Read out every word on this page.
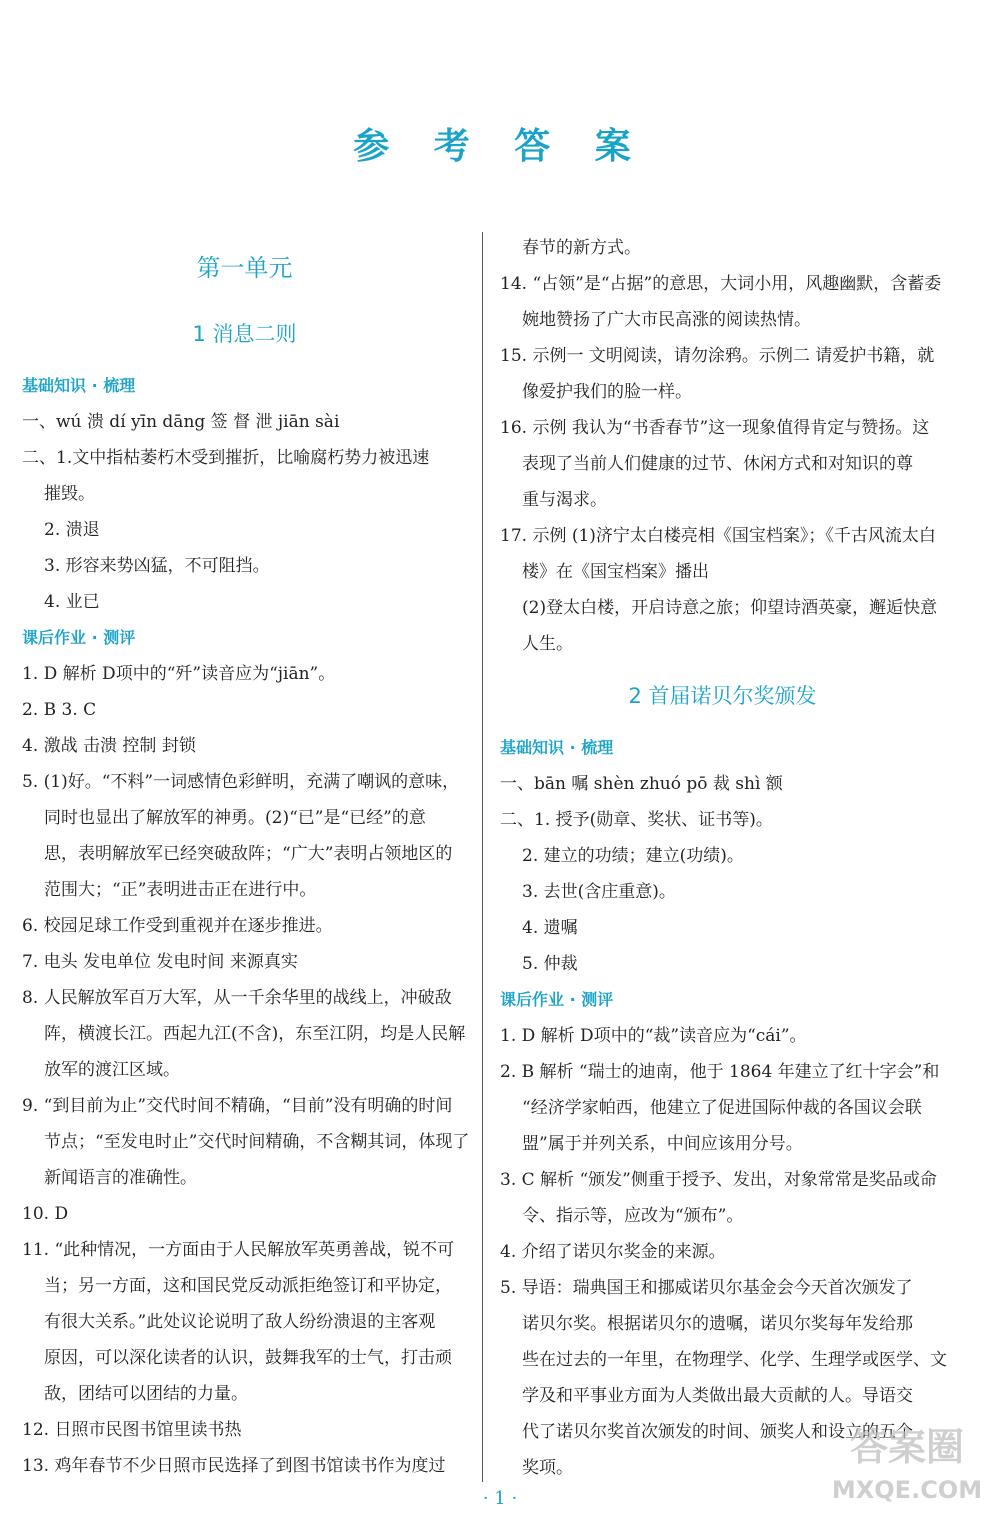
参 考 答 案
第一单元
1 消息二则
基础知识 · 梳理
一、wú 溃 dí yīn dāng 签 督 泄 jiān sài
二、1.文中指枯萎朽木受到摧折，比喻腐朽势力被迅速
摧毁。
2. 溃退
3. 形容来势凶猛，不可阻挡。
4. 业已
课后作业 · 测评
1. D 解析 D项中的“歼”读音应为“jiān”。
2. B 3. C
4. 激战 击溃 控制 封锁
5. (1)好。“不料”一词感情色彩鲜明，充满了嘲讽的意味，
同时也显出了解放军的神勇。(2)“已”是“已经”的意
思，表明解放军已经突破敌阵；“广大”表明占领地区的
范围大；“正”表明进击正在进行中。
6. 校园足球工作受到重视并在逐步推进。
7. 电头 发电单位 发电时间 来源真实
8. 人民解放军百万大军，从一千余华里的战线上，冲破敌
阵，横渡长江。西起九江(不含)，东至江阴，均是人民解
放军的渡江区域。
9. “到目前为止”交代时间不精确，“目前”没有明确的时间
节点；“至发电时止”交代时间精确，不含糊其词，体现了
新闻语言的准确性。
10. D
11. “此种情况，一方面由于人民解放军英勇善战，锐不可
当；另一方面，这和国民党反动派拒绝签订和平协定，
有很大关系。”此处议论说明了敌人纷纷溃退的主客观
原因，可以深化读者的认识，鼓舞我军的士气，打击顽
敌，团结可以团结的力量。
12. 日照市民图书馆里读书热
13. 鸡年春节不少日照市民选择了到图书馆读书作为度过
春节的新方式。
14. “占领”是“占据”的意思，大词小用，风趣幽默，含蓄委
婉地赞扬了广大市民高涨的阅读热情。
15. 示例一 文明阅读，请勿涂鸦。示例二 请爱护书籍，就
像爱护我们的脸一样。
16. 示例 我认为“书香春节”这一现象值得肯定与赞扬。这
表现了当前人们健康的过节、休闲方式和对知识的尊
重与渴求。
17. 示例 (1)济宁太白楼亮相《国宝档案》；《千古风流太白
楼》在《国宝档案》播出
(2)登太白楼，开启诗意之旅；仰望诗酒英豪，邂逅快意
人生。
2 首届诺贝尔奖颁发
基础知识 · 梳理
一、bān 嘱 shèn zhuó pō 裁 shì 额
二、1. 授予(勋章、奖状、证书等)。
2. 建立的功绩；建立(功绩)。
3. 去世(含庄重意)。
4. 遗嘱
5. 仲裁
课后作业 · 测评
1. D 解析 D项中的“裁”读音应为“cái”。
2. B 解析 “瑞士的迪南，他于 1864 年建立了红十字会”和
“经济学家帕西，他建立了促进国际仲裁的各国议会联
盟”属于并列关系，中间应该用分号。
3. C 解析 “颁发”侧重于授予、发出，对象常常是奖品或命
令、指示等，应改为“颁布”。
4. 介绍了诺贝尔奖金的来源。
5. 导语：瑞典国王和挪威诺贝尔基金会今天首次颁发了
诺贝尔奖。根据诺贝尔的遗嘱，诺贝尔奖每年发给那
些在过去的一年里，在物理学、化学、生理学或医学、文
学及和平事业方面为人类做出最大贡献的人。导语交
代了诺贝尔奖首次颁发的时间、颁奖人和设立的五个
奖项。
· 1 ·
答案圈
MXQE.COM
